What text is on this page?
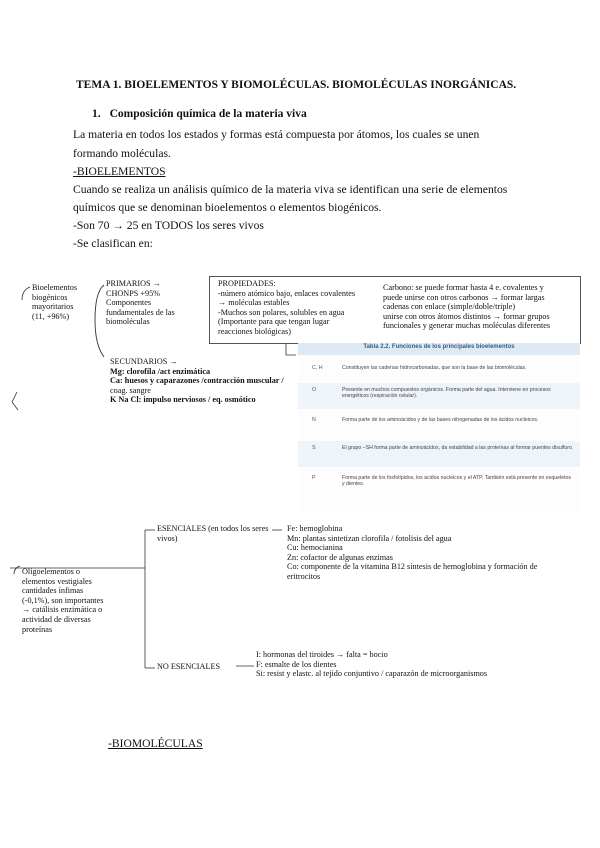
TEMA 1. BIOELEMENTOS Y BIOMOLÉCULAS. BIOMOLÉCULAS INORGÁNICAS.
1. Composición química de la materia viva
La materia en todos los estados y formas está compuesta por átomos, los cuales se unen
formando moléculas.
-BIOELEMENTOS
Cuando se realiza un análisis químico de la materia viva se identifican una serie de elementos
químicos que se denominan bioelementos o elementos biogénicos.
-Son 70 → 25 en TODOS los seres vivos
-Se clasifican en:
Bioelementos
biogénicos
mayoritarios
(11, +96%)
PRIMARIOS →
CHONPS +95%
Componentes
fundamentales de las
biomoléculas
PROPIEDADES:
-número atómico bajo, enlaces covalentes
→ moléculas estables
-Muchos son polares, solubles en agua
(Importante para que tengan lugar
reacciones biológicas)
Carbono: se puede formar hasta 4 e. covalentes y
puede unirse con otros carbonos → formar largas
cadenas con enlace (simple/doble/triple)
unirse con otros átomos distintos → formar grupos
funcionales y generar muchas moléculas diferentes
SECUNDARIOS →
Mg: clorofila /act enzimática
Ca: huesos y caparazones /contracción muscular /
coag. sangre
K Na Cl: impulso nerviosos / eq. osmótico
Tabla 2.2. Funciones de los principales bioelementos
C, H	Constituyen las cadenas hidrocarbonadas, que son la base de las biomoléculas.
O	Presente en muchos compuestos orgánicos. Forma parte del agua. Interviene en procesos energéticos (respiración celular).
N	Forma parte de los aminoácidos y de las bases nitrogenadas de los ácidos nucleicos.
S	El grupo –SH forma parte de aminoácidos, da estabilidad a las proteínas al formar puentes disulfuro.
P	Forma parte de los fosfolípidos, los ácidos nucleicos y el ATP. También está presente en esqueletos y dientes.
Oligoelementos o
elementos vestigiales
cantidades ínfimas
(-0,1%), son importantes
→ catálisis enzimática o
actividad de diversas
proteínas
ESENCIALES (en todos los seres
vivos)
Fe: hemoglobina
Mn: plantas sintetizan clorofila / fotolisis del agua
Cu: hemocianina
Zn: cofactor de algunas enzimas
Co: componente de la vitamina B12 síntesis de hemoglobina y formación de
eritrocitos
NO ESENCIALES
I: hormonas del tiroides → falta = bocio
F: esmalte de los dientes
Si: resist y elastc. al tejido conjuntivo / caparazón de microorganismos
-BIOMOLÉCULAS
